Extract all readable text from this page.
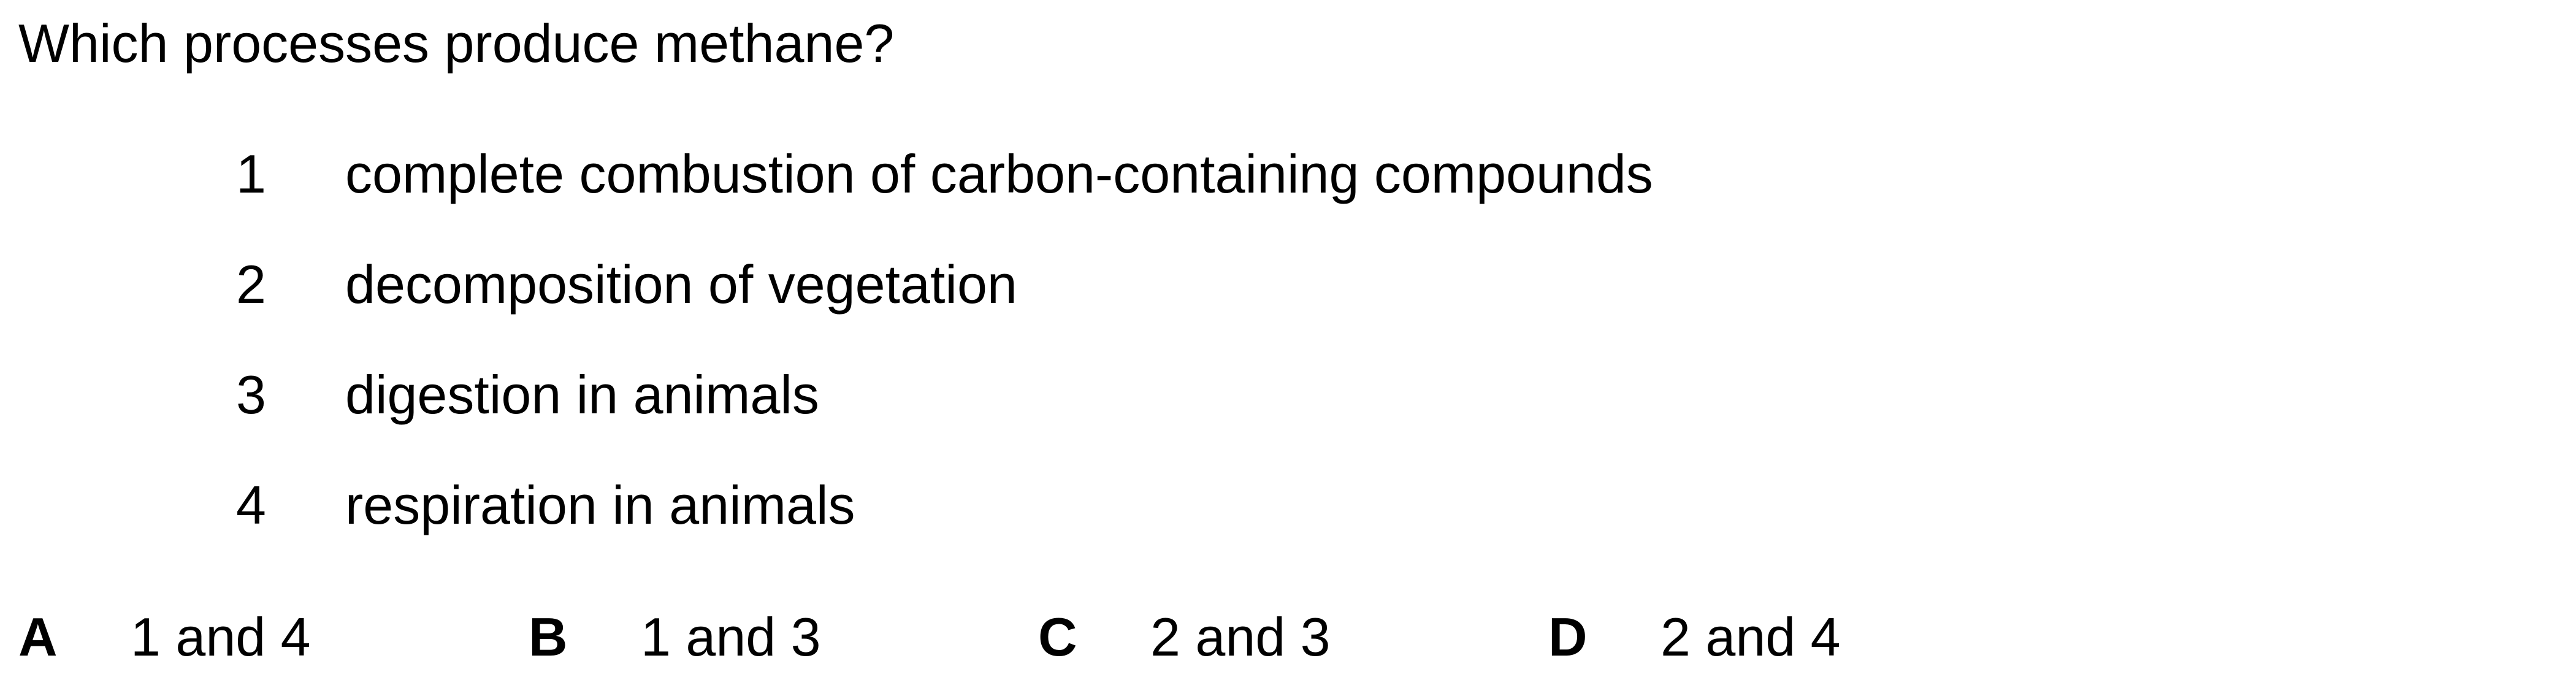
Which processes produce methane?
1 complete combustion of carbon-containing compounds
2 decomposition of vegetation
3 digestion in animals
4 respiration in animals
A 1 and 4	B 1 and 3	C 2 and 3	D 2 and 4
